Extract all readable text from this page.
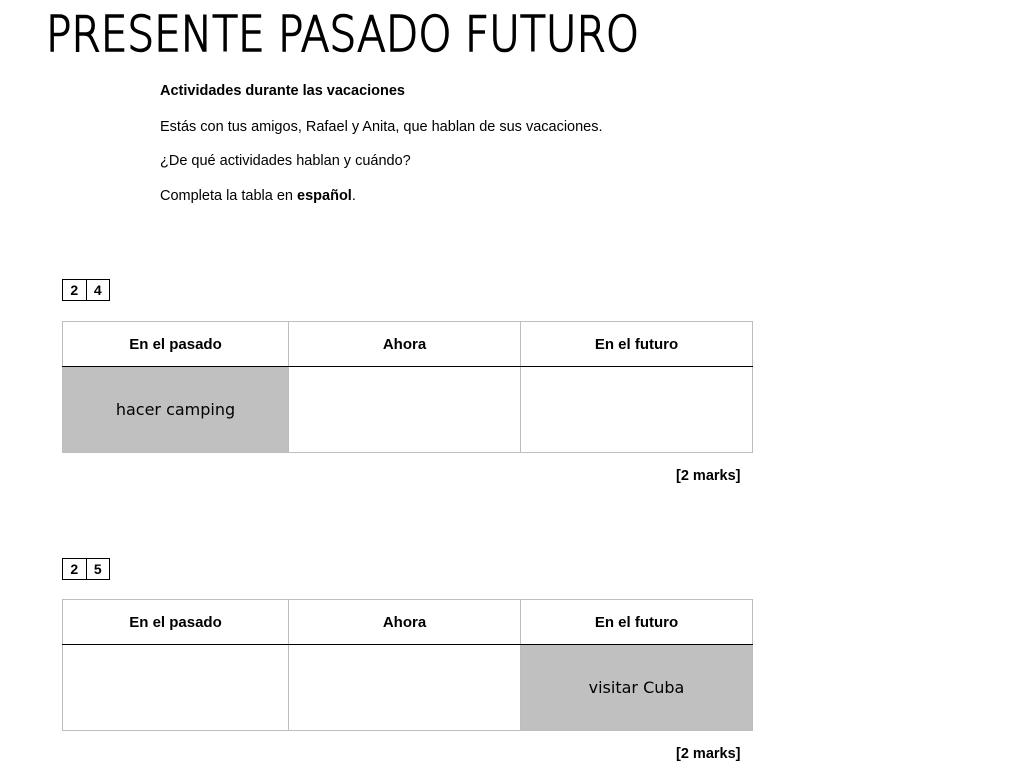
PRESENTE PASADO FUTURO
Actividades durante las vacaciones
Estás con tus amigos, Rafael y Anita, que hablan de sus vacaciones.
¿De qué actividades hablan y cuándo?
Completa la tabla en español.
2	4
En el pasado	Ahora	En el futuro
hacer camping		
[2 marks]
2	5
En el pasado	Ahora	En el futuro
		visitar Cuba
[2 marks]
